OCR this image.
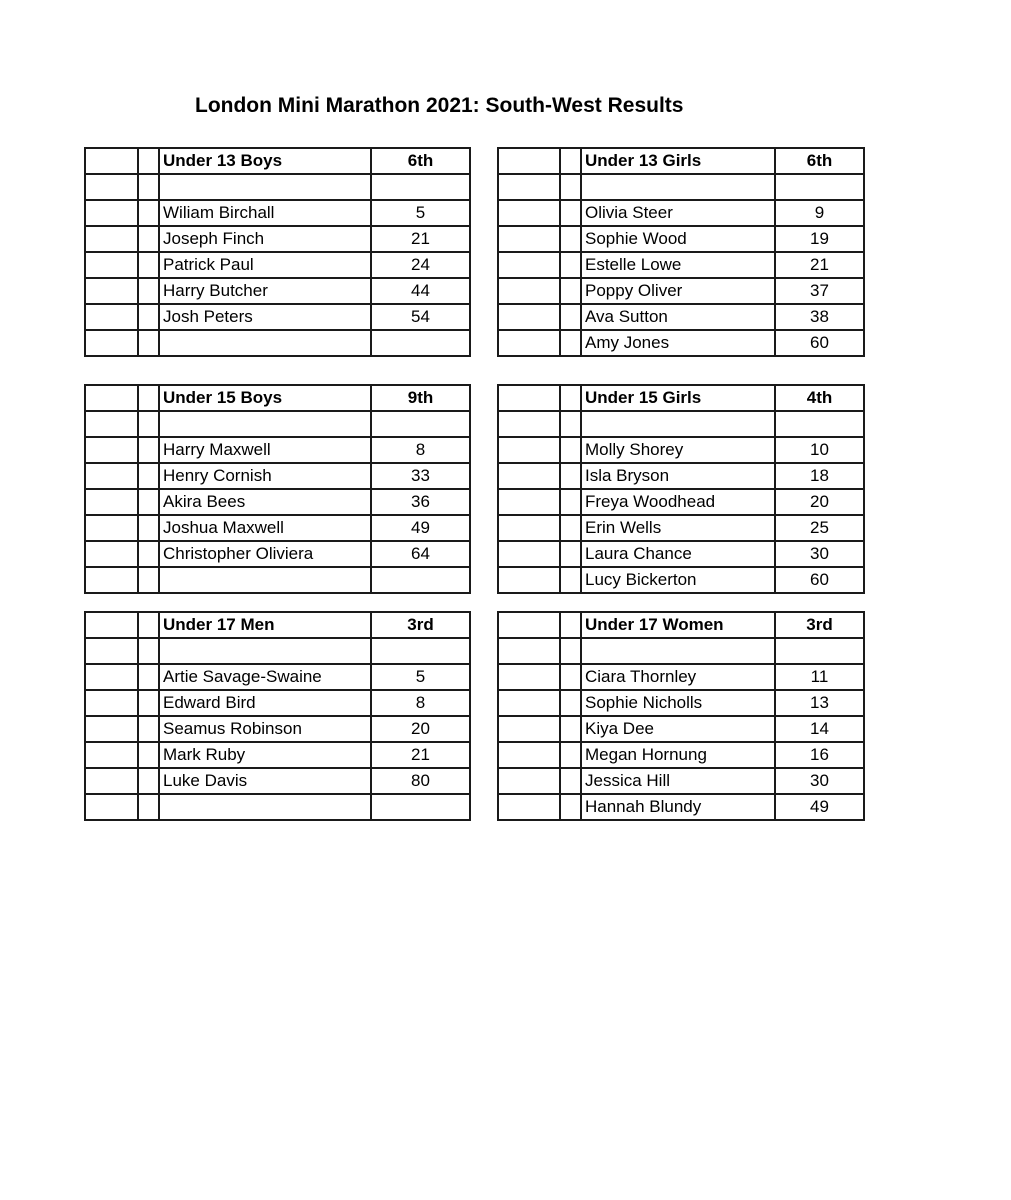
London Mini Marathon 2021: South-West Results
		Under 13 Boys	6th

		Wiliam Birchall	5
		Joseph Finch	21
		Patrick Paul	24
		Harry Butcher	44
		Josh Peters	54

		Under 13 Girls	6th

		Olivia Steer	9
		Sophie Wood	19
		Estelle Lowe	21
		Poppy Oliver	37
		Ava Sutton	38
		Amy Jones	60
		Under 15 Boys	9th

		Harry Maxwell	8
		Henry Cornish	33
		Akira Bees	36
		Joshua Maxwell	49
		Christopher Oliviera	64

		Under 15 Girls	4th

		Molly Shorey	10
		Isla Bryson	18
		Freya Woodhead	20
		Erin Wells	25
		Laura Chance	30
		Lucy Bickerton	60
		Under 17 Men	3rd

		Artie Savage-Swaine	5
		Edward Bird	8
		Seamus Robinson	20
		Mark Ruby	21
		Luke Davis	80

		Under 17 Women	3rd

		Ciara Thornley	11
		Sophie Nicholls	13
		Kiya Dee	14
		Megan Hornung	16
		Jessica Hill	30
		Hannah Blundy	49
